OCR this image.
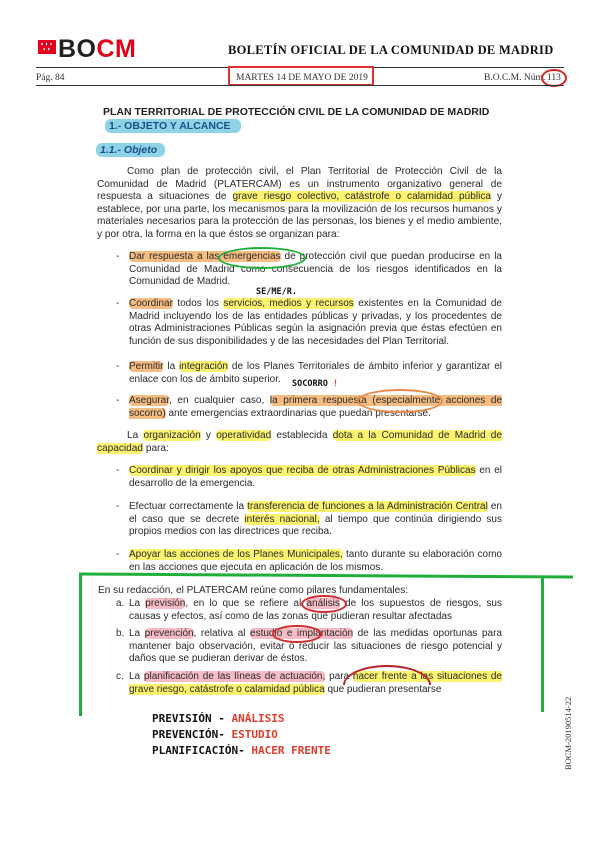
BOCM	BOLETÍN OFICIAL DE LA COMUNIDAD DE MADRID
Pág. 84	MARTES 14 DE MAYO DE 2019	B.O.C.M. Núm. 113
PLAN TERRITORIAL DE PROTECCIÓN CIVIL DE LA COMUNIDAD DE MADRID
1.- OBJETO Y ALCANCE
1.1.- Objeto
Como plan de protección civil, el Plan Territorial de Protección Civil de la Comunidad de Madrid (PLATERCAM) es un instrumento organizativo general de respuesta a situaciones de grave riesgo colectivo, catástrofe o calamidad pública y establece, por una parte, los mecanismos para la movilización de los recursos humanos y materiales necesarios para la protección de las personas, los bienes y el medio ambiente, y por otra, la forma en la que éstos se organizan para:
- Dar respuesta a las emergencias de protección civil que puedan producirse en la Comunidad de Madrid como consecuencia de los riesgos identificados en la Comunidad de Madrid.
SE/ME/R.
- Coordinar todos los servicios, medios y recursos existentes en la Comunidad de Madrid incluyendo los de las entidades públicas y privadas, y los procedentes de otras Administraciones Públicas según la asignación previa que éstas efectúen en función de sus disponibilidades y de las necesidades del Plan Territorial.
- Permitir la integración de los Planes Territoriales de ámbito inferior y garantizar el enlace con los de ámbito superior.	SOCORRO !
- Asegurar, en cualquier caso, la primera respuesta (especialmente acciones de socorro) ante emergencias extraordinarias que puedan presentarse.
La organización y operatividad establecida dota a la Comunidad de Madrid de capacidad para:
- Coordinar y dirigir los apoyos que reciba de otras Administraciones Públicas en el desarrollo de la emergencia.
- Efectuar correctamente la transferencia de funciones a la Administración Central en el caso que se decrete interés nacional, al tiempo que continúa dirigiendo sus propios medios con las directrices que reciba.
- Apoyar las acciones de los Planes Municipales, tanto durante su elaboración como en las acciones que ejecuta en aplicación de los mismos.
En su redacción, el PLATERCAM reúne como pilares fundamentales:
a. La previsión, en lo que se refiere al análisis de los supuestos de riesgos, sus causas y efectos, así como de las zonas que pudieran resultar afectadas
b. La prevención, relativa al estudio e implantación de las medidas oportunas para mantener bajo observación, evitar o reducir las situaciones de riesgo potencial y daños que se pudieran derivar de éstos.
c. La planificación de las líneas de actuación, para hacer frente a las situaciones de grave riesgo, catástrofe o calamidad pública que pudieran presentarse
PREVISIÓN - ANÁLISIS
PREVENCIÓN- ESTUDIO
PLANIFICACIÓN- HACER FRENTE	BOCM-20190514-22
